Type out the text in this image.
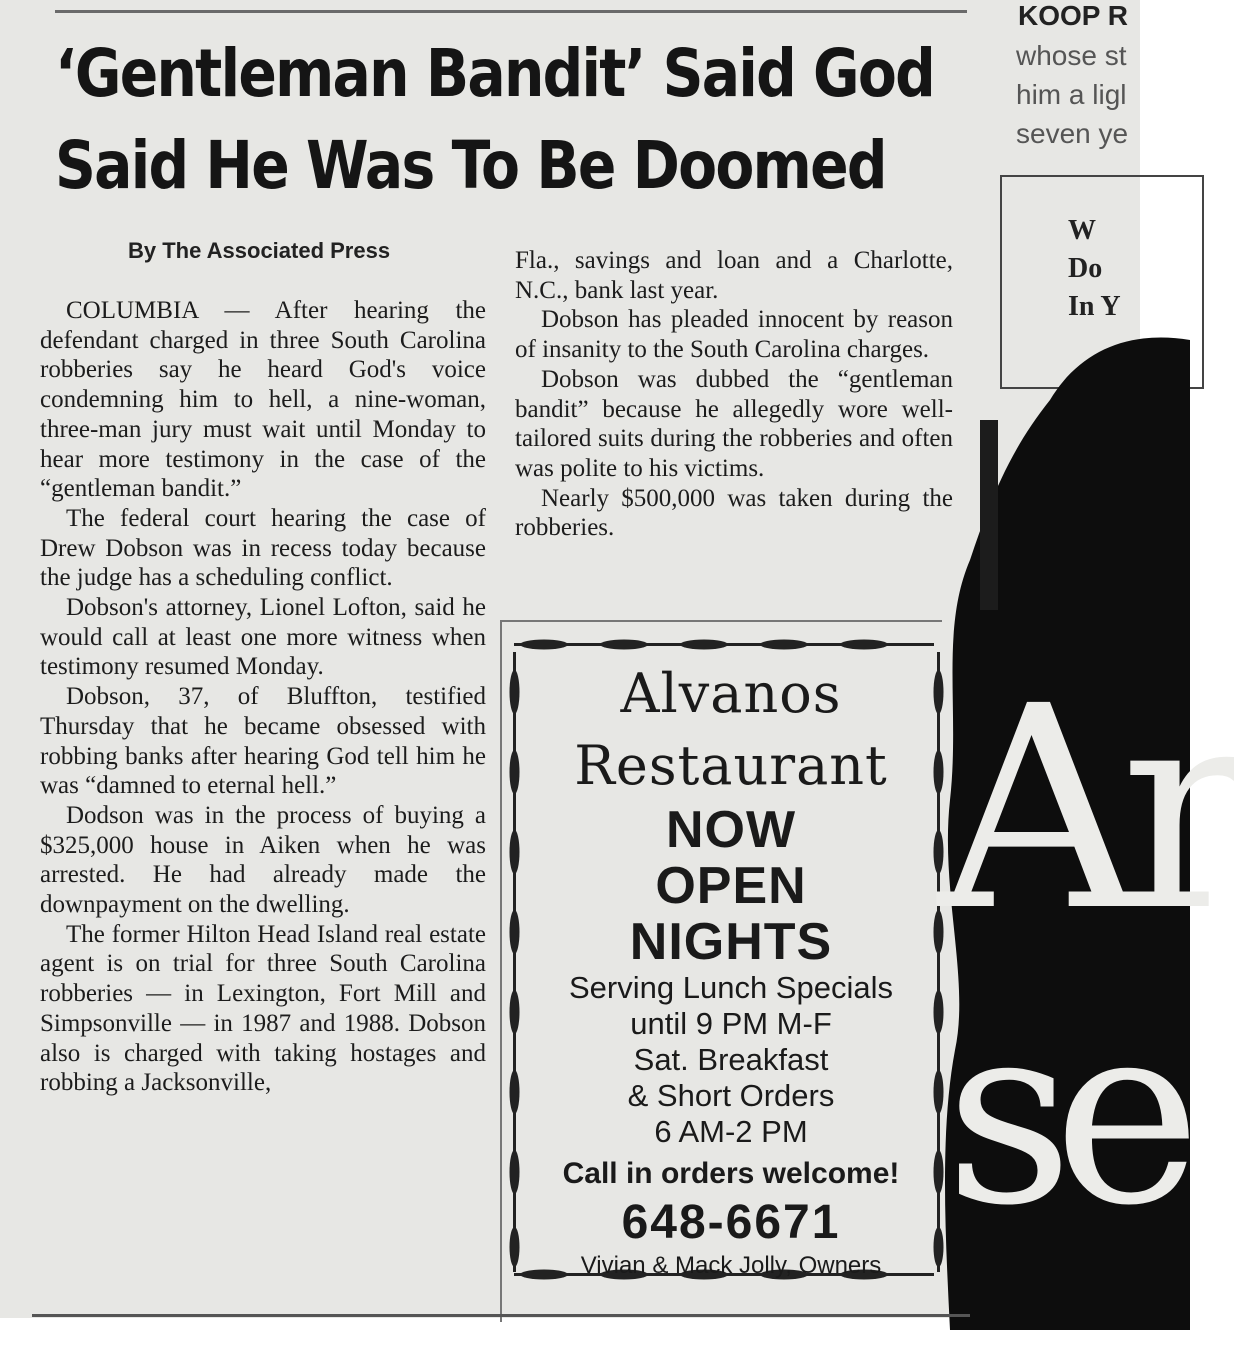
‘Gentleman Bandit’ Said God
Said He Was To Be Doomed
By The Associated Press

COLUMBIA — After hearing the defendant charged in three South Carolina robberies say he heard God's voice condemning him to hell, a nine-woman, three-man jury must wait until Monday to hear more testimony in the case of the “gentleman bandit.”

The federal court hearing the case of Drew Dobson was in recess today because the judge has a scheduling conflict.

Dobson's attorney, Lionel Lofton, said he would call at least one more witness when testimony resumed Monday.

Dobson, 37, of Bluffton, testified Thursday that he became obsessed with robbing banks after hearing God tell him he was “damned to eternal hell.”

Dodson was in the process of buying a $325,000 house in Aiken when he was arrested. He had already made the downpayment on the dwelling.

The former Hilton Head Island real estate agent is on trial for three South Carolina robberies — in Lexington, Fort Mill and Simpsonville — in 1987 and 1988. Dobson also is charged with taking hostages and robbing a Jacksonville,

Fla., savings and loan and a Charlotte, N.C., bank last year.

Dobson has pleaded innocent by reason of insanity to the South Carolina charges.

Dobson was dubbed the “gentleman bandit” because he allegedly wore well-tailored suits during the robberies and often was polite to his victims.

Nearly $500,000 was taken during the robberies.

Alvanos

Restaurant

NOW

OPEN

NIGHTS

Serving Lunch Specials

until 9 PM M-F

Sat. Breakfast

& Short Orders

6 AM-2 PM

Call in orders welcome!

648-6671

Vivian & Mack Jolly, Owners

KOOP R
whose st
him a ligl
seven ye
W
Do
In Y
Ar
se
